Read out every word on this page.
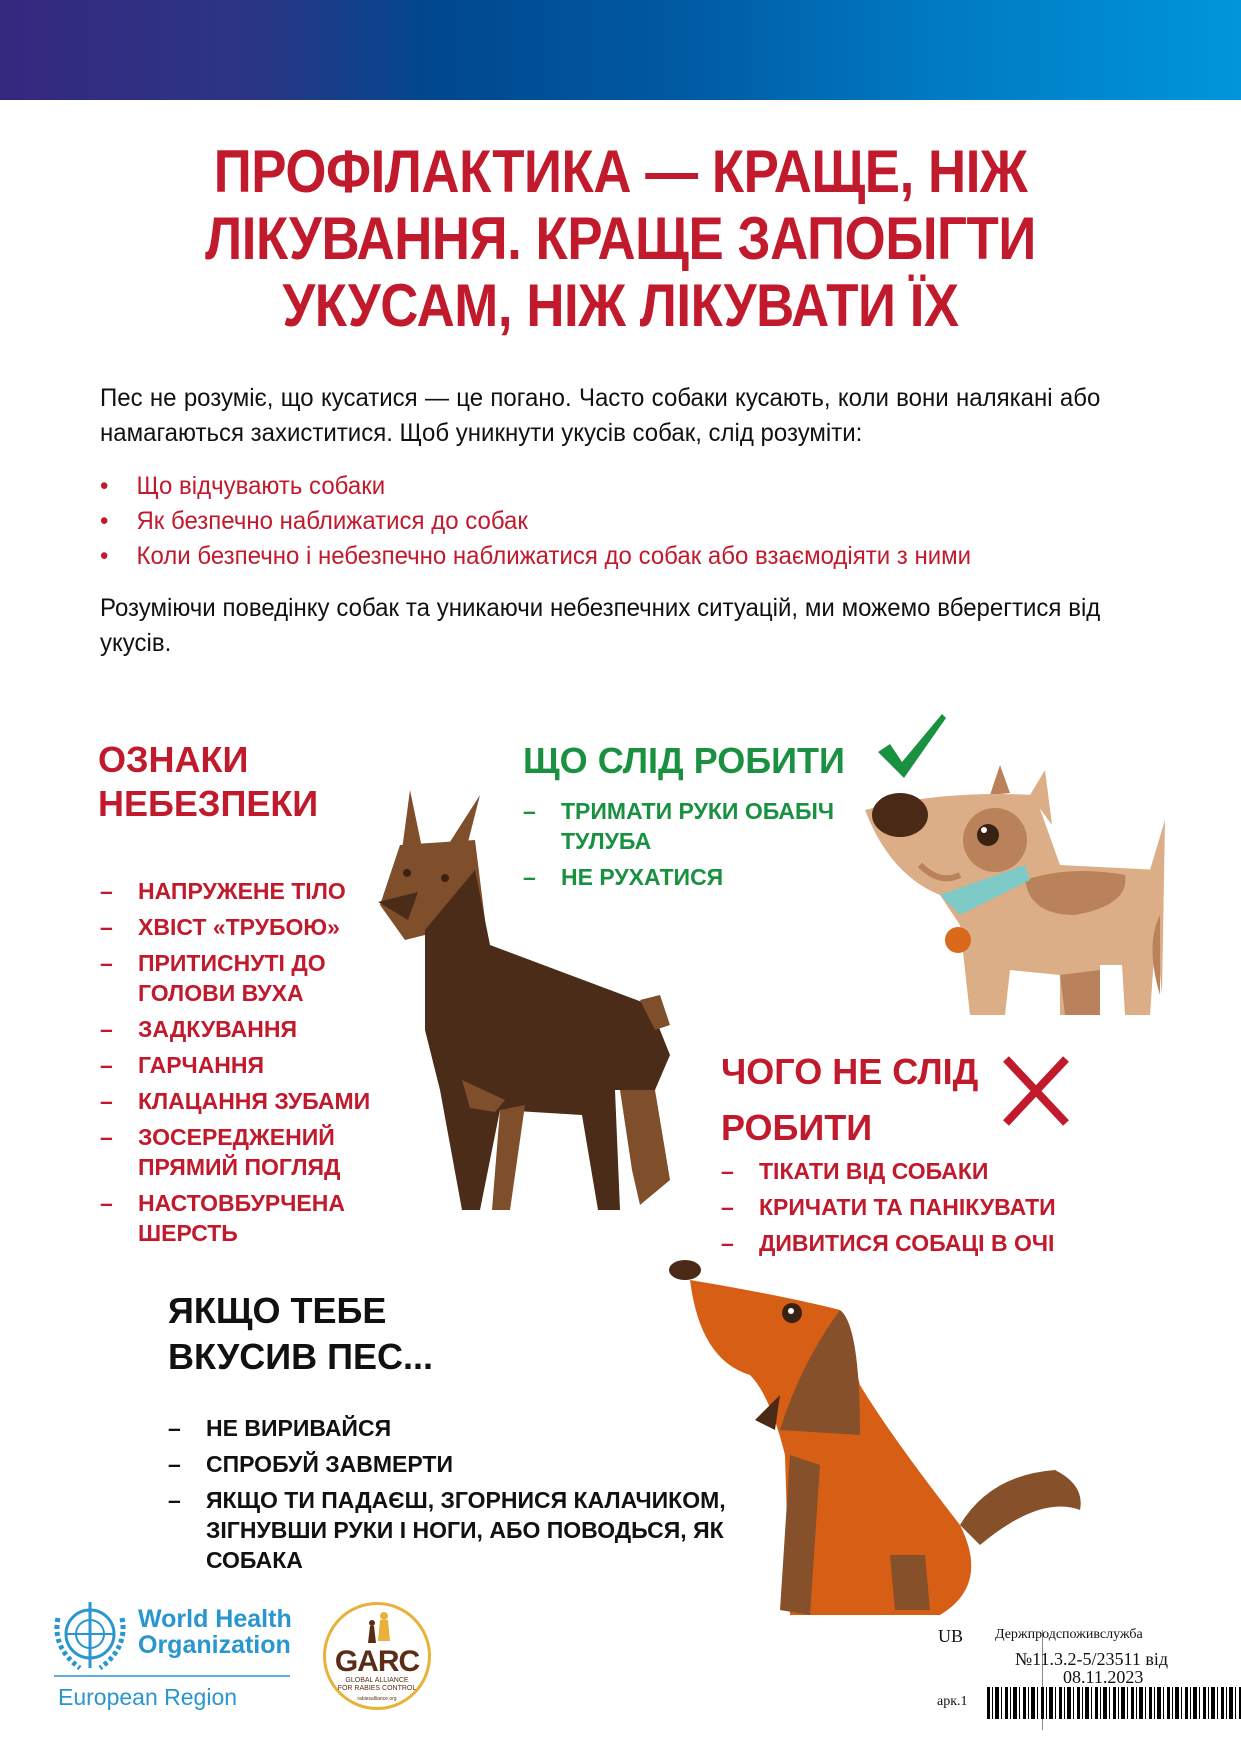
ПРОФІЛАКТИКА — КРАЩЕ, НІЖ
ЛІКУВАННЯ. КРАЩЕ ЗАПОБІГТИ
УКУСАМ, НІЖ ЛІКУВАТИ ЇХ

Пес не розуміє, що кусатися — це погано. Часто собаки кусають, коли вони налякані або намагаються захиститися. Щоб уникнути укусів собак, слід розуміти:

• Що відчувають собаки
• Як безпечно наближатися до собак
• Коли безпечно і небезпечно наближатися до собак або взаємодіяти з ними

Розуміючи поведінку собак та уникаючи небезпечних ситуацій, ми можемо вберегтися від укусів.

ОЗНАКИ
НЕБЕЗПЕКИ
– НАПРУЖЕНЕ ТІЛО
– ХВІСТ «ТРУБОЮ»
– ПРИТИСНУТІ ДО ГОЛОВИ ВУХА
– ЗАДКУВАННЯ
– ГАРЧАННЯ
– КЛАЦАННЯ ЗУБАМИ
– ЗОСЕРЕДЖЕНИЙ ПРЯМИЙ ПОГЛЯД
– НАСТОВБУРЧЕНА ШЕРСТЬ
ЩО СЛІД РОБИТИ
– ТРИМАТИ РУКИ ОБАБІЧ ТУЛУБА
– НЕ РУХАТИСЯ
ЧОГО НЕ СЛІД
РОБИТИ
– ТІКАТИ ВІД СОБАКИ
– КРИЧАТИ ТА ПАНІКУВАТИ
– ДИВИТИСЯ СОБАЦІ В ОЧІ
ЯКЩО ТЕБЕ
ВКУСИВ ПЕС...
– НЕ ВИРИВАЙСЯ
– СПРОБУЙ ЗАВМЕРТИ
– ЯКЩО ТИ ПАДАЄШ, ЗГОРНИСЯ КАЛАЧИКОМ, ЗІГНУВШИ РУКИ І НОГИ, АБО ПОВОДЬСЯ, ЯК СОБАКА
World Health
Organization
European Region
GARC
GLOBAL ALLIANCE
FOR RABIES CONTROL
rabiesalliance.org
UB Держпродспоживслужба
№11.3.2-5/23511 від
08.11.2023
арк.1
